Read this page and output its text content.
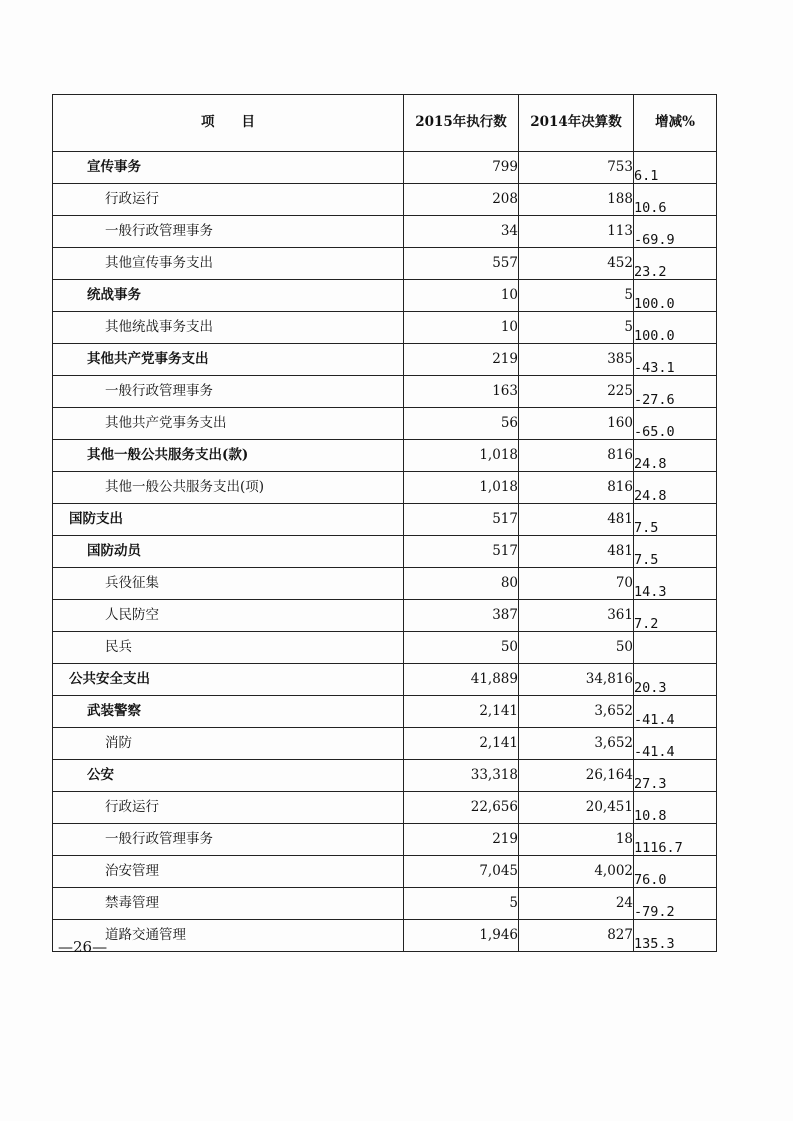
项　　目	2015年执行数	2014年决算数	增减%
宣传事务	799	753	6.1
行政运行	208	188	10.6
一般行政管理事务	34	113	-69.9
其他宣传事务支出	557	452	23.2
统战事务	10	5	100.0
其他统战事务支出	10	5	100.0
其他共产党事务支出	219	385	-43.1
一般行政管理事务	163	225	-27.6
其他共产党事务支出	56	160	-65.0
其他一般公共服务支出(款)	1,018	816	24.8
其他一般公共服务支出(项)	1,018	816	24.8
国防支出	517	481	7.5
国防动员	517	481	7.5
兵役征集	80	70	14.3
人民防空	387	361	7.2
民兵	50	50	
公共安全支出	41,889	34,816	20.3
武装警察	2,141	3,652	-41.4
消防	2,141	3,652	-41.4
公安	33,318	26,164	27.3
行政运行	22,656	20,451	10.8
一般行政管理事务	219	18	1116.7
治安管理	7,045	4,002	76.0
禁毒管理	5	24	-79.2
道路交通管理	1,946	827	135.3
—26—
